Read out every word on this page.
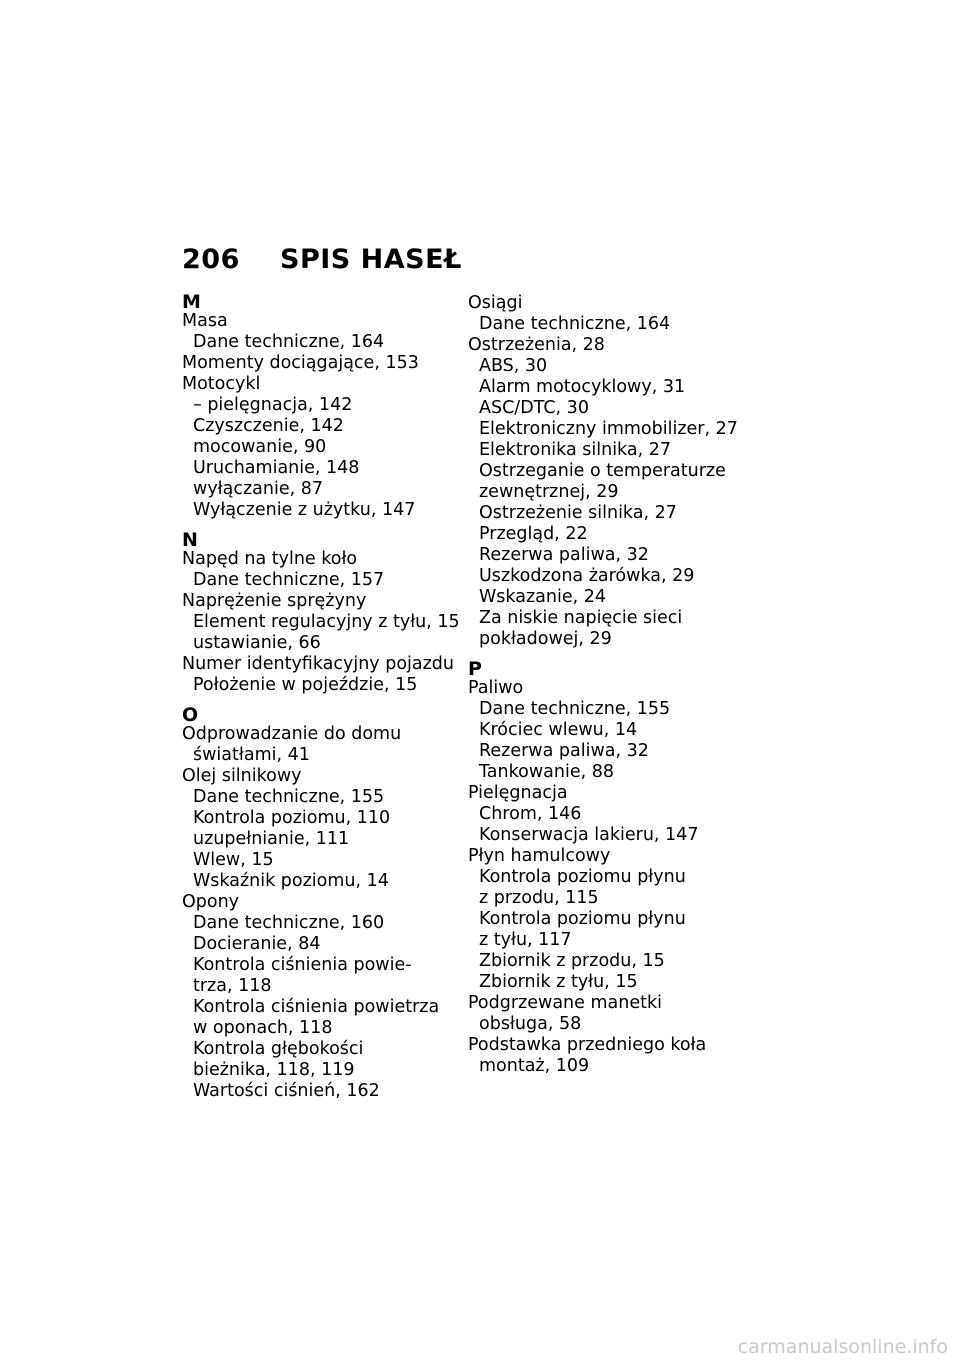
206 SPIS HASEŁ
M
Masa
Dane techniczne, 164
Momenty dociągające, 153
Motocykl
– pielęgnacja, 142
Czyszczenie, 142
mocowanie, 90
Uruchamianie, 148
wyłączanie, 87
Wyłączenie z użytku, 147
N
Napęd na tylne koło
Dane techniczne, 157
Naprężenie sprężyny
Element regulacyjny z tyłu, 15
ustawianie, 66
Numer identyfikacyjny pojazdu
Położenie w pojeździe, 15
O
Odprowadzanie do domu
światłami, 41
Olej silnikowy
Dane techniczne, 155
Kontrola poziomu, 110
uzupełnianie, 111
Wlew, 15
Wskaźnik poziomu, 14
Opony
Dane techniczne, 160
Docieranie, 84
Kontrola ciśnienia powie-
trza, 118
Kontrola ciśnienia powietrza
w oponach, 118
Kontrola głębokości
bieżnika, 118, 119
Wartości ciśnień, 162
Osiągi
Dane techniczne, 164
Ostrzeżenia, 28
ABS, 30
Alarm motocyklowy, 31
ASC/DTC, 30
Elektroniczny immobilizer, 27
Elektronika silnika, 27
Ostrzeganie o temperaturze
zewnętrznej, 29
Ostrzeżenie silnika, 27
Przegląd, 22
Rezerwa paliwa, 32
Uszkodzona żarówka, 29
Wskazanie, 24
Za niskie napięcie sieci
pokładowej, 29
P
Paliwo
Dane techniczne, 155
Króciec wlewu, 14
Rezerwa paliwa, 32
Tankowanie, 88
Pielęgnacja
Chrom, 146
Konserwacja lakieru, 147
Płyn hamulcowy
Kontrola poziomu płynu
z przodu, 115
Kontrola poziomu płynu
z tyłu, 117
Zbiornik z przodu, 15
Zbiornik z tyłu, 15
Podgrzewane manetki
obsługa, 58
Podstawka przedniego koła
montaż, 109
carmanualsonline.info
